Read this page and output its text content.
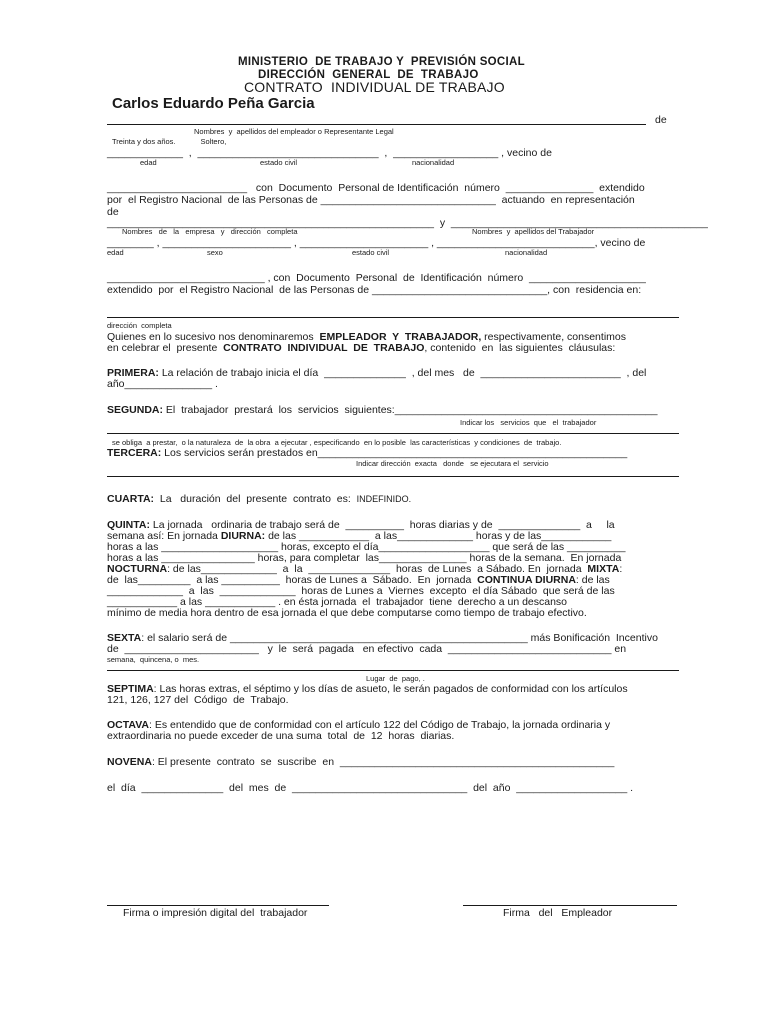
MINISTERIO  DE TRABAJO Y  PREVISIÓN SOCIAL
DIRECCIÓN  GENERAL  DE  TRABAJO
CONTRATO  INDIVIDUAL DE TRABAJO
Carlos Eduardo Peña Garcia
de
Nombres  y  apellidos del empleador o Representante Legal
Treinta y dos años.            Soltero,
_____________  ,  _______________________________  ,  __________________ , vecino de
edad	estado civil	nacionalidad
________________________   con  Documento  Personal de Identificación  número  _______________  extendido
por  el Registro Nacional  de las Personas de ______________________________  actuando  en representación
de
________________________________________________________  y  ____________________________________________
Nombres   de   la   empresa   y   dirección   completa	Nombres  y  apellidos del Trabajador
________ , ______________________ , ______________________ , ___________________________, vecino de
edad	sexo	estado civil	nacionalidad
___________________________ , con  Documento  Personal  de  Identificación  número  ____________________
extendido  por  el Registro Nacional  de las Personas de ______________________________, con  residencia en:
dirección  completa
Quienes en lo sucesivo nos denominaremos  EMPLEADOR  Y  TRABAJADOR, respectivamente, consentimos
en celebrar el  presente  CONTRATO  INDIVIDUAL  DE  TRABAJO, contenido  en  las siguientes  cláusulas:
PRIMERA: La relación de trabajo inicia el día  ______________  , del mes   de  ________________________  , del
año_______________ .
SEGUNDA: El  trabajador  prestará  los  servicios  siguientes:_____________________________________________
Indicar los   servicios  que   el  trabajador
se obliga  a prestar,  o la naturaleza  de  la obra  a ejecutar , especificando  en lo posible  las características  y condiciones  de  trabajo.
TERCERA: Los servicios serán prestados en_____________________________________________________
Indicar dirección  exacta   donde   se ejecutara el  servicio
CUARTA:  La   duración  del  presente  contrato  es:  INDEFINIDO.
QUINTA: La jornada   ordinaria de trabajo será de  __________  horas diarias y de  ______________  a     la
semana así: En jornada DIURNA: de las ____________  a las_____________ horas y de las____________
horas a las ____________________ horas, excepto el día___________________ que será de las __________
horas a las ________________ horas, para completar  las_______________ horas de la semana.  En jornada
NOCTURNA: de las_____________  a  la  ______________  horas  de Lunes  a Sábado. En  jornada  MIXTA:
de  las_________  a las __________  horas de Lunes a  Sábado.  En  jornada  CONTINUA DIURNA: de las
_____________  a  las  _____________  horas de Lunes a  Viernes  excepto  el día Sábado  que será de las
____________ a las ____________ . en ésta jornada  el  trabajador  tiene  derecho a un descanso
mínimo de media hora dentro de esa jornada el que debe computarse como tiempo de trabajo efectivo.
SEXTA: el salario será de ___________________________________________________ más Bonificación  Incentivo
de  _______________________   y  le  será  pagada   en efectivo  cada  ____________________________ en
semana,  quincena, o  mes.
Lugar  de  pago, .
SEPTIMA: Las horas extras, el séptimo y los días de asueto, le serán pagados de conformidad con los artículos
121, 126, 127 del  Código  de  Trabajo.
OCTAVA: Es entendido que de conformidad con el artículo 122 del Código de Trabajo, la jornada ordinaria y
extraordinaria no puede exceder de una suma  total  de  12  horas  diarias.
NOVENA: El presente  contrato  se  suscribe  en  _______________________________________________
el  día  ______________  del  mes  de  ______________________________  del  año  ___________________ .
Firma o impresión digital del  trabajador	Firma   del   Empleador
